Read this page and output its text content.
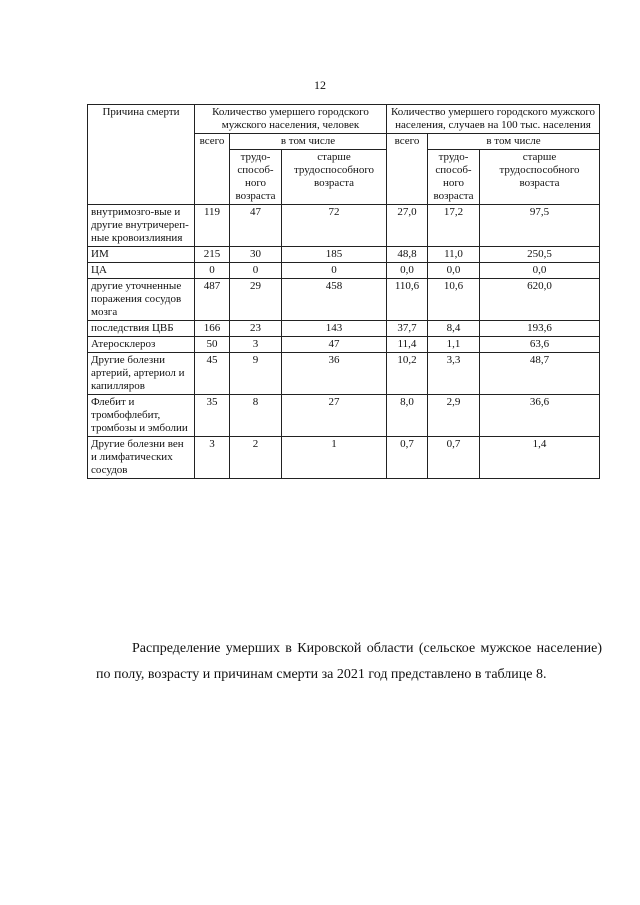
12
Причина смерти	Количество умершего городского мужского населения, человек			Количество умершего городского мужского населения, случаев на 100 тыс. населения		
	всего	в том числе		всего	в том числе	
		трудо-способ-ного возраста	старше трудоспособного возраста		трудо-способ-ного возраста	старше трудоспособного возраста
внутримозго-вые и другие внутричереп-ные кровоизлияния	119	47	72	27,0	17,2	97,5
ИМ	215	30	185	48,8	11,0	250,5
ЦА	0	0	0	0,0	0,0	0,0
другие уточненные поражения сосудов мозга	487	29	458	110,6	10,6	620,0
последствия ЦВБ	166	23	143	37,7	8,4	193,6
Атеросклероз	50	3	47	11,4	1,1	63,6
Другие болезни артерий, артериол и капилляров	45	9	36	10,2	3,3	48,7
Флебит и тромбофлебит, тромбозы и эмболии	35	8	27	8,0	2,9	36,6
Другие болезни вен и лимфатических сосудов	3	2	1	0,7	0,7	1,4
Распределение умерших в Кировской области (сельское мужское население) по полу, возрасту и причинам смерти за 2021 год представлено в таблице 8.
